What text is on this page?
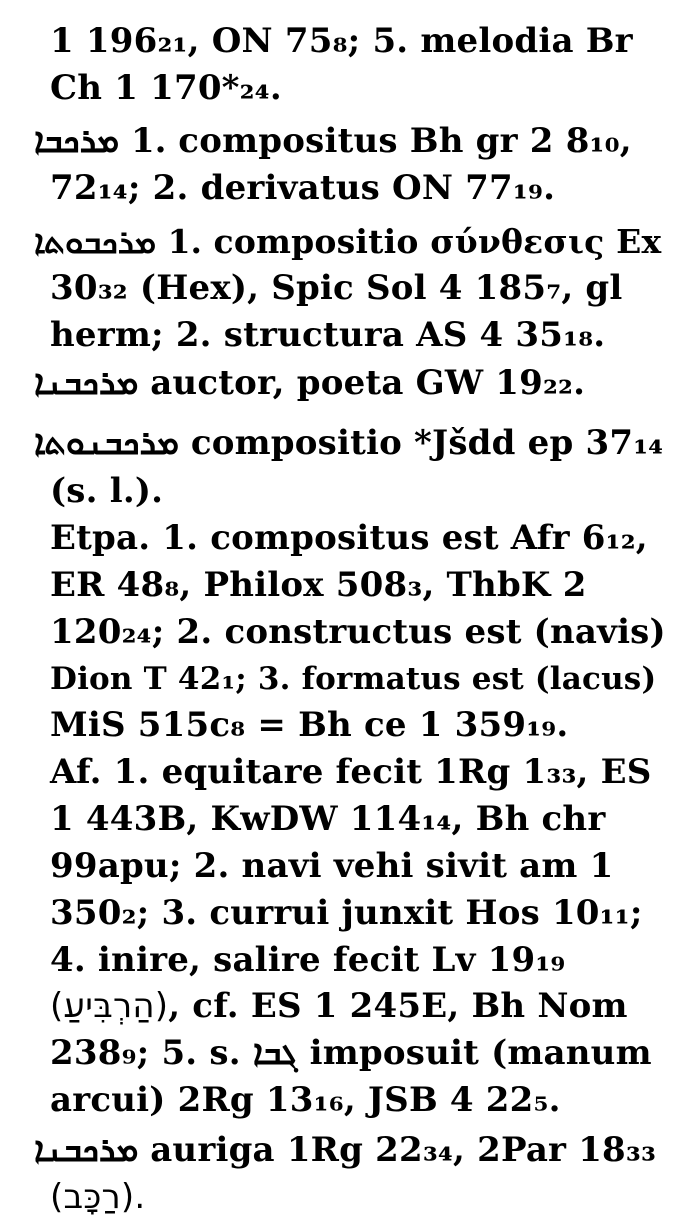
1 196₂₁, ON 75₈; 5. melodia Br
Ch 1 170*₂₄.
ܡܪܟܒܐ 1. compositus Bh gr 2 8₁₀,
72₁₄; 2. derivatus ON 77₁₉.
ܡܪܟܒܘܬܐ 1. compositio σύνθεσις Ex
30₃₂ (Hex), Spic Sol 4 185₇, gl
herm; 2. structura AS 4 35₁₈.
ܡܪܟܒܢܐ auctor, poeta GW 19₂₂.
ܡܪܟܒܢܘܬܐ compositio *Jšdd ep 37₁₄
(s. l.).
Etpa. 1. compositus est Afr 6₁₂,
ER 48₈, Philox 508₃, ThbK 2
120₂₄; 2. constructus est (navis)
Dion T 42₁; 3. formatus est (lacus)
MiS 515c₈ = Bh ce 1 359₁₉.
Af. 1. equitare fecit 1Rg 1₃₃, ES
1 443B, KwDW 114₁₄, Bh chr
99apu; 2. navi vehi sivit am 1
350₂; 3. currui junxit Hos 10₁₁;
4. inire, salire fecit Lv 19₁₉
(הַרְבִּיעַ), cf. ES 1 245E, Bh Nom
238₉; 5. s. ܓܒܐ imposuit (manum
arcui) 2Rg 13₁₆, JSB 4 22₅.
ܡܪܟܒܢܐ auriga 1Rg 22₃₄, 2Par 18₃₃
(רַכָּב).
